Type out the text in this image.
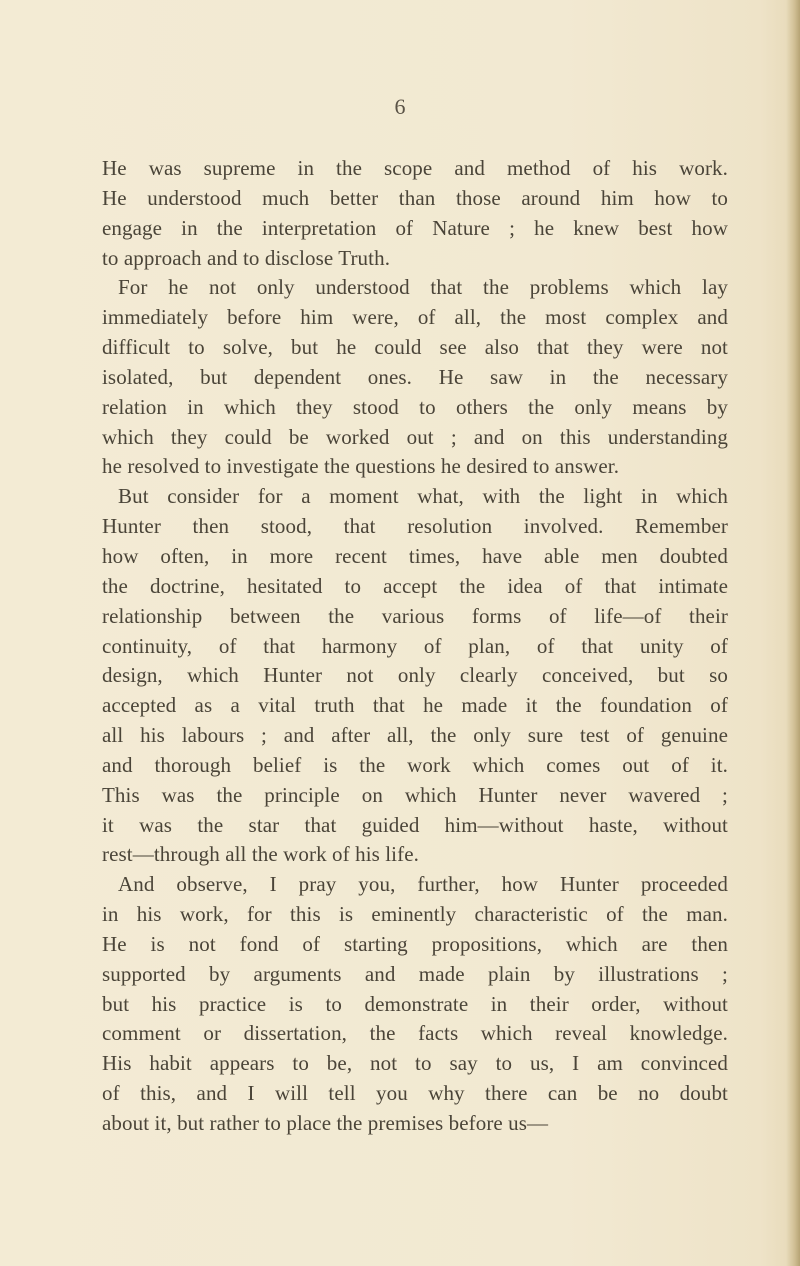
6
He was supreme in the scope and method of his work.
He understood much better than those around him how to
engage in the interpretation of Nature ; he knew best how
to approach and to disclose Truth.
For he not only understood that the problems which lay
immediately before him were, of all, the most complex and
difficult to solve, but he could see also that they were not
isolated, but dependent ones. He saw in the necessary
relation in which they stood to others the only means by
which they could be worked out ; and on this understanding
he resolved to investigate the questions he desired to answer.
But consider for a moment what, with the light in which
Hunter then stood, that resolution involved. Remember
how often, in more recent times, have able men doubted
the doctrine, hesitated to accept the idea of that intimate
relationship between the various forms of life—of their
continuity, of that harmony of plan, of that unity of
design, which Hunter not only clearly conceived, but so
accepted as a vital truth that he made it the foundation of
all his labours ; and after all, the only sure test of genuine
and thorough belief is the work which comes out of it.
This was the principle on which Hunter never wavered ;
it was the star that guided him—without haste, without
rest—through all the work of his life.
And observe, I pray you, further, how Hunter proceeded
in his work, for this is eminently characteristic of the man.
He is not fond of starting propositions, which are then
supported by arguments and made plain by illustrations ;
but his practice is to demonstrate in their order, without
comment or dissertation, the facts which reveal knowledge.
His habit appears to be, not to say to us, I am convinced
of this, and I will tell you why there can be no doubt
about it, but rather to place the premises before us—
